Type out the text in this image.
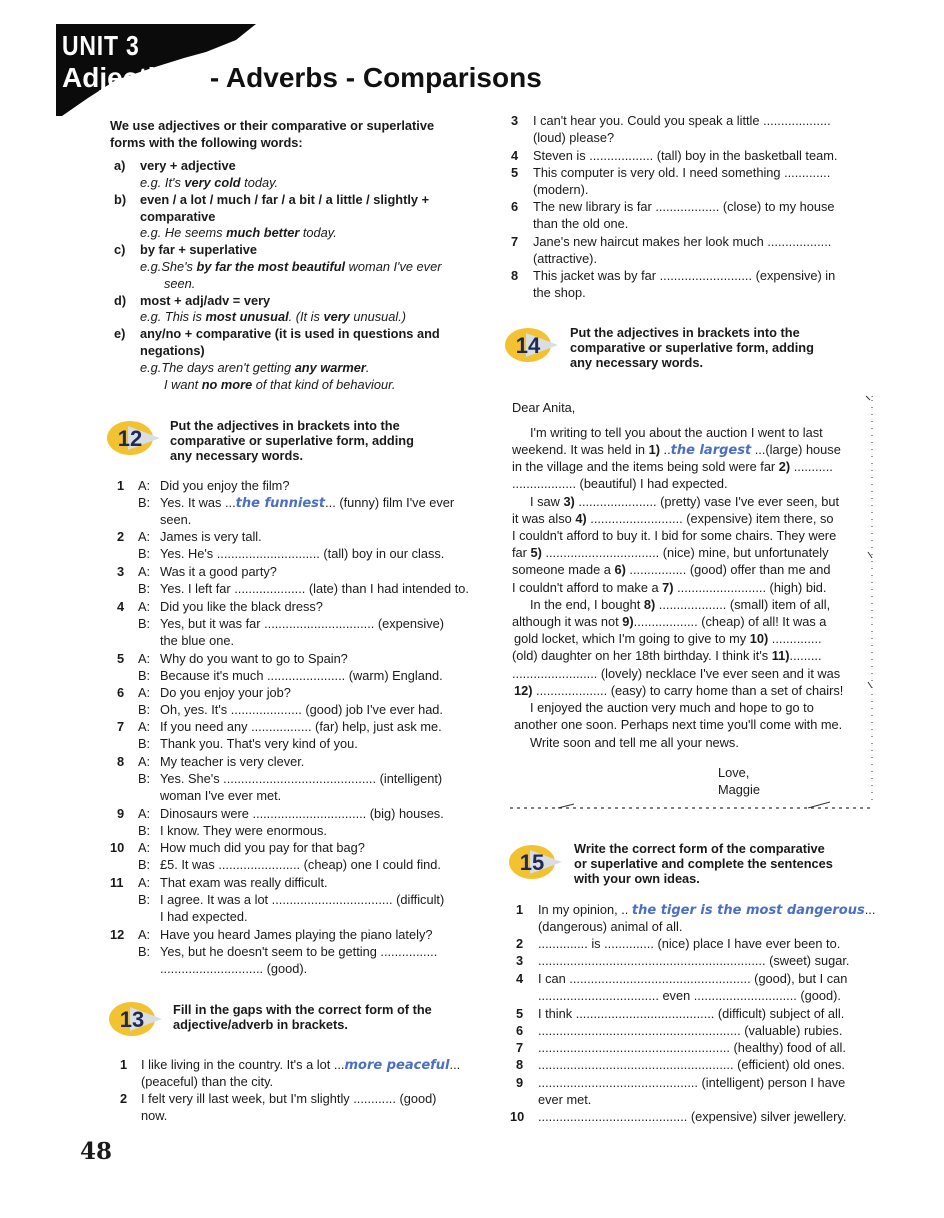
UNIT 3
Adjectives - Adverbs - Comparisons
We use adjectives or their comparative or superlative
forms with the following words:
a) very + adjective
e.g. It's very cold today.
b) even / a lot / much / far / a bit / a little / slightly +
comparative
e.g. He seems much better today.
c) by far + superlative
e.g.She's by far the most beautiful woman I've ever
seen.
d) most + adj/adv = very
e.g. This is most unusual. (It is very unusual.)
e) any/no + comparative (it is used in questions and
negations)
e.g.The days aren't getting any warmer.
I want no more of that kind of behaviour.
12
Put the adjectives in brackets into the
comparative or superlative form, adding
any necessary words.
1 A: Did you enjoy the film?
B: Yes. It was ...the funniest... (funny) film I've ever
seen.
2 A: James is very tall.
B: Yes. He's ............................. (tall) boy in our class.
3 A: Was it a good party?
B: Yes. I left far .................... (late) than I had intended to.
4 A: Did you like the black dress?
B: Yes, but it was far ............................... (expensive)
the blue one.
5 A: Why do you want to go to Spain?
B: Because it's much ...................... (warm) England.
6 A: Do you enjoy your job?
B: Oh, yes. It's .................... (good) job I've ever had.
7 A: If you need any ................. (far) help, just ask me.
B: Thank you. That's very kind of you.
8 A: My teacher is very clever.
B: Yes. She's ........................................... (intelligent)
woman I've ever met.
9 A: Dinosaurs were ................................ (big) houses.
B: I know. They were enormous.
10 A: How much did you pay for that bag?
B: £5. It was ....................... (cheap) one I could find.
11 A: That exam was really difficult.
B: I agree. It was a lot .................................. (difficult)
I had expected.
12 A: Have you heard James playing the piano lately?
B: Yes, but he doesn't seem to be getting ................
............................. (good).
13 Fill in the gaps with the correct form of the
adjective/adverb in brackets.
1 I like living in the country. It's a lot ...more peaceful...
(peaceful) than the city.
2 I felt very ill last week, but I'm slightly ............ (good)
now.
3 I can't hear you. Could you speak a little ...................
(loud) please?
4 Steven is .................. (tall) boy in the basketball team.
5 This computer is very old. I need something .............
(modern).
6 The new library is far .................. (close) to my house
than the old one.
7 Jane's new haircut makes her look much ..................
(attractive).
8 This jacket was by far .......................... (expensive) in
the shop.
14
Put the adjectives in brackets into the
comparative or superlative form, adding
any necessary words.
Dear Anita,
I'm writing to tell you about the auction I went to last
weekend. It was held in 1) ..the largest ...(large) house
in the village and the items being sold were far 2) ...........
.................. (beautiful) I had expected.
I saw 3) ...................... (pretty) vase I've ever seen, but
it was also 4) .......................... (expensive) item there, so
I couldn't afford to buy it. I bid for some chairs. They were
far 5) ................................ (nice) mine, but unfortunately
someone made a 6) ................ (good) offer than me and
I couldn't afford to make a 7) ......................... (high) bid.
In the end, I bought 8) ................... (small) item of all,
although it was not 9).................. (cheap) of all! It was a
gold locket, which I'm going to give to my 10) ..............
(old) daughter on her 18th birthday. I think it's 11).........
........................ (lovely) necklace I've ever seen and it was
12) .................... (easy) to carry home than a set of chairs!
I enjoyed the auction very much and hope to go to
another one soon. Perhaps next time you'll come with me.
Write soon and tell me all your news.
Love,
Maggie
15
Write the correct form of the comparative
or superlative and complete the sentences
with your own ideas.
1 In my opinion, .. the tiger is the most dangerous...
(dangerous) animal of all.
2 .............. is .............. (nice) place I have ever been to.
3 ................................................................ (sweet) sugar.
4 I can ................................................... (good), but I can
.................................. even ............................. (good).
5 I think ....................................... (difficult) subject of all.
6 ......................................................... (valuable) rubies.
7 ...................................................... (healthy) food of all.
8 ....................................................... (efficient) old ones.
9 ............................................. (intelligent) person I have
ever met.
10 .......................................... (expensive) silver jewellery.
48
